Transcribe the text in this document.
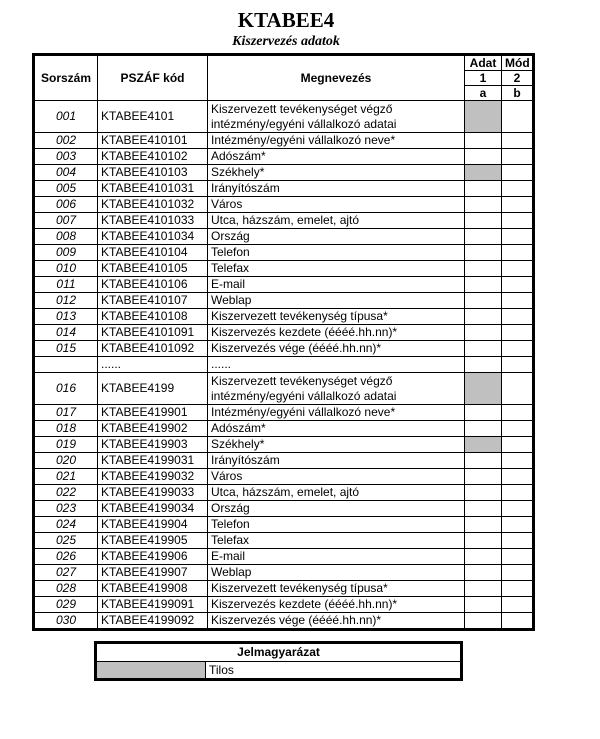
KTABEE4
Kiszervezés adatok
Sorszám	PSZÁF kód	Megnevezés	Adat	Mód
			1	2
			a	b
001	KTABEE4101	Kiszervezett tevékenységet végző
intézmény/egyéni vállalkozó adatai		

002	KTABEE410101	Intézmény/egyéni vállalkozó neve*		
003	KTABEE410102	Adószám*		
004	KTABEE410103	Székhely*		
005	KTABEE4101031	Irányítószám		
006	KTABEE4101032	Város		
007	KTABEE4101033	Utca, házszám, emelet, ajtó		
008	KTABEE4101034	Ország		
009	KTABEE410104	Telefon		
010	KTABEE410105	Telefax		
011	KTABEE410106	E-mail		
012	KTABEE410107	Weblap		
013	KTABEE410108	Kiszervezett tevékenység típusa*		
014	KTABEE4101091	Kiszervezés kezdete (éééé.hh.nn)*		
015	KTABEE4101092	Kiszervezés vége (éééé.hh.nn)*		
	......	......		
016	KTABEE4199	Kiszervezett tevékenységet végző
intézmény/egyéni vállalkozó adatai		

017	KTABEE419901	Intézmény/egyéni vállalkozó neve*		
018	KTABEE419902	Adószám*		
019	KTABEE419903	Székhely*		
020	KTABEE4199031	Irányítószám		
021	KTABEE4199032	Város		
022	KTABEE4199033	Utca, házszám, emelet, ajtó		
023	KTABEE4199034	Ország		
024	KTABEE419904	Telefon		
025	KTABEE419905	Telefax		
026	KTABEE419906	E-mail		
027	KTABEE419907	Weblap		
028	KTABEE419908	Kiszervezett tevékenység típusa*		
029	KTABEE4199091	Kiszervezés kezdete (éééé.hh.nn)*		
030	KTABEE4199092	Kiszervezés vége (éééé.hh.nn)*		
Jelmagyarázat
Tilos
